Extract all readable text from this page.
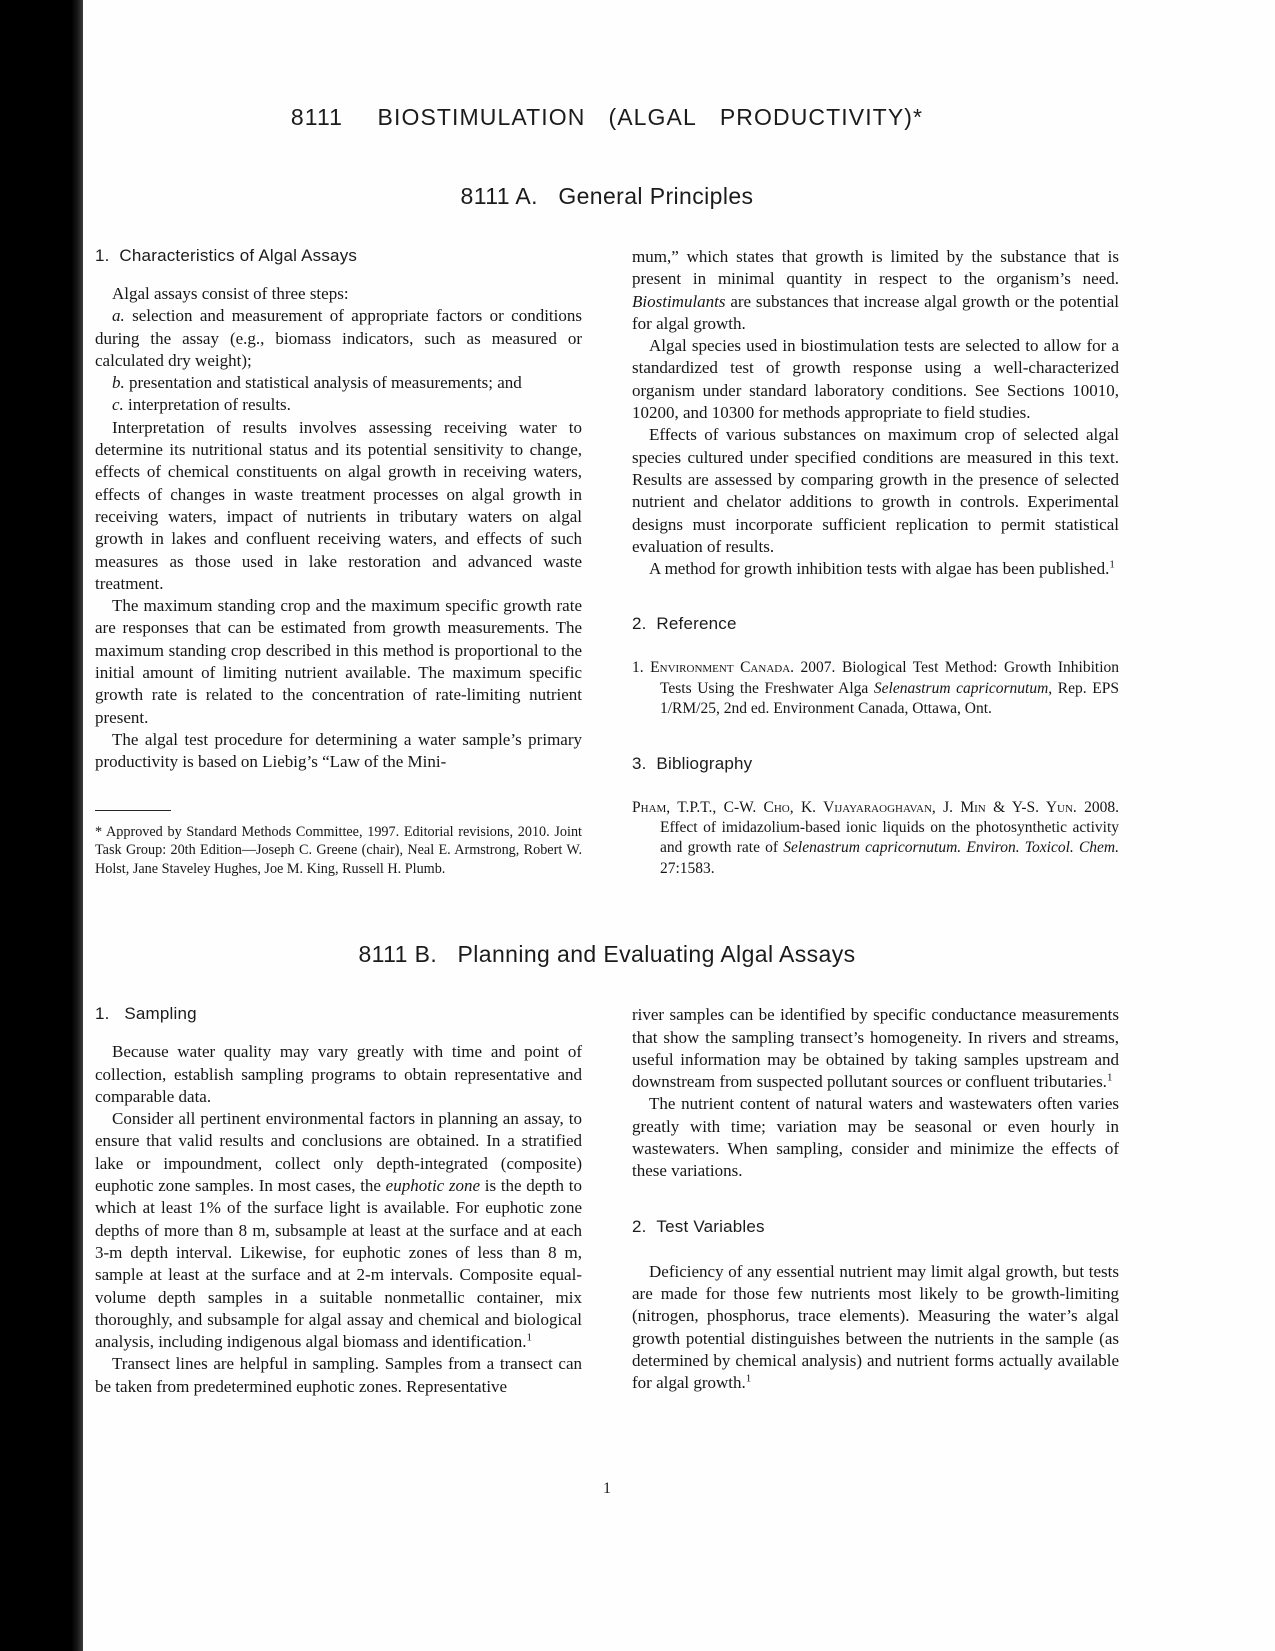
8111   BIOSTIMULATION  (ALGAL  PRODUCTIVITY)*
8111 A.   General Principles
1.  Characteristics of Algal Assays

Algal assays consist of three steps:

a. selection and measurement of appropriate factors or conditions during the assay (e.g., biomass indicators, such as measured or calculated dry weight);

b. presentation and statistical analysis of measurements; and

c. interpretation of results.

Interpretation of results involves assessing receiving water to determine its nutritional status and its potential sensitivity to change, effects of chemical constituents on algal growth in receiving waters, effects of changes in waste treatment processes on algal growth in receiving waters, impact of nutrients in tributary waters on algal growth in lakes and confluent receiving waters, and effects of such measures as those used in lake restoration and advanced waste treatment.

The maximum standing crop and the maximum specific growth rate are responses that can be estimated from growth measurements. The maximum standing crop described in this method is proportional to the initial amount of limiting nutrient available. The maximum specific growth rate is related to the concentration of rate-limiting nutrient present.

The algal test procedure for determining a water sample’s primary productivity is based on Liebig’s “Law of the Mini-

* Approved by Standard Methods Committee, 1997. Editorial revisions, 2010. Joint Task Group: 20th Edition—Joseph C. Greene (chair), Neal E. Armstrong, Robert W. Holst, Jane Staveley Hughes, Joe M. King, Russell H. Plumb.

mum,” which states that growth is limited by the substance that is present in minimal quantity in respect to the organism’s need. Biostimulants are substances that increase algal growth or the potential for algal growth.

Algal species used in biostimulation tests are selected to allow for a standardized test of growth response using a well-characterized organism under standard laboratory conditions. See Sections 10010, 10200, and 10300 for methods appropriate to field studies.

Effects of various substances on maximum crop of selected algal species cultured under specified conditions are measured in this text. Results are assessed by comparing growth in the presence of selected nutrient and chelator additions to growth in controls. Experimental designs must incorporate sufficient replication to permit statistical evaluation of results.

A method for growth inhibition tests with algae has been published.$^1$

2.  Reference

1. Environment Canada. 2007. Biological Test Method: Growth Inhibition Tests Using the Freshwater Alga Selenastrum capricornutum, Rep. EPS 1/RM/25, 2nd ed. Environment Canada, Ottawa, Ont.

3.  Bibliography

Pham, T.P.T., C-W. Cho, K. Vijayaraoghavan, J. Min & Y-S. Yun. 2008. Effect of imidazolium-based ionic liquids on the photosynthetic activity and growth rate of Selenastrum capricornutum. Environ. Toxicol. Chem. 27:1583.

8111 B.   Planning and Evaluating Algal Assays
1.   Sampling

Because water quality may vary greatly with time and point of collection, establish sampling programs to obtain representative and comparable data.

Consider all pertinent environmental factors in planning an assay, to ensure that valid results and conclusions are obtained. In a stratified lake or impoundment, collect only depth-integrated (composite) euphotic zone samples. In most cases, the euphotic zone is the depth to which at least 1% of the surface light is available. For euphotic zone depths of more than 8 m, subsample at least at the surface and at each 3-m depth interval. Likewise, for euphotic zones of less than 8 m, sample at least at the surface and at 2-m intervals. Composite equal-volume depth samples in a suitable nonmetallic container, mix thoroughly, and subsample for algal assay and chemical and biological analysis, including indigenous algal biomass and identification.$^1$

Transect lines are helpful in sampling. Samples from a transect can be taken from predetermined euphotic zones. Representative

river samples can be identified by specific conductance measurements that show the sampling transect’s homogeneity. In rivers and streams, useful information may be obtained by taking samples upstream and downstream from suspected pollutant sources or confluent tributaries.$^1$

The nutrient content of natural waters and wastewaters often varies greatly with time; variation may be seasonal or even hourly in wastewaters. When sampling, consider and minimize the effects of these variations.

2.  Test Variables

Deficiency of any essential nutrient may limit algal growth, but tests are made for those few nutrients most likely to be growth-limiting (nitrogen, phosphorus, trace elements). Measuring the water’s algal growth potential distinguishes between the nutrients in the sample (as determined by chemical analysis) and nutrient forms actually available for algal growth.$^1$

1
